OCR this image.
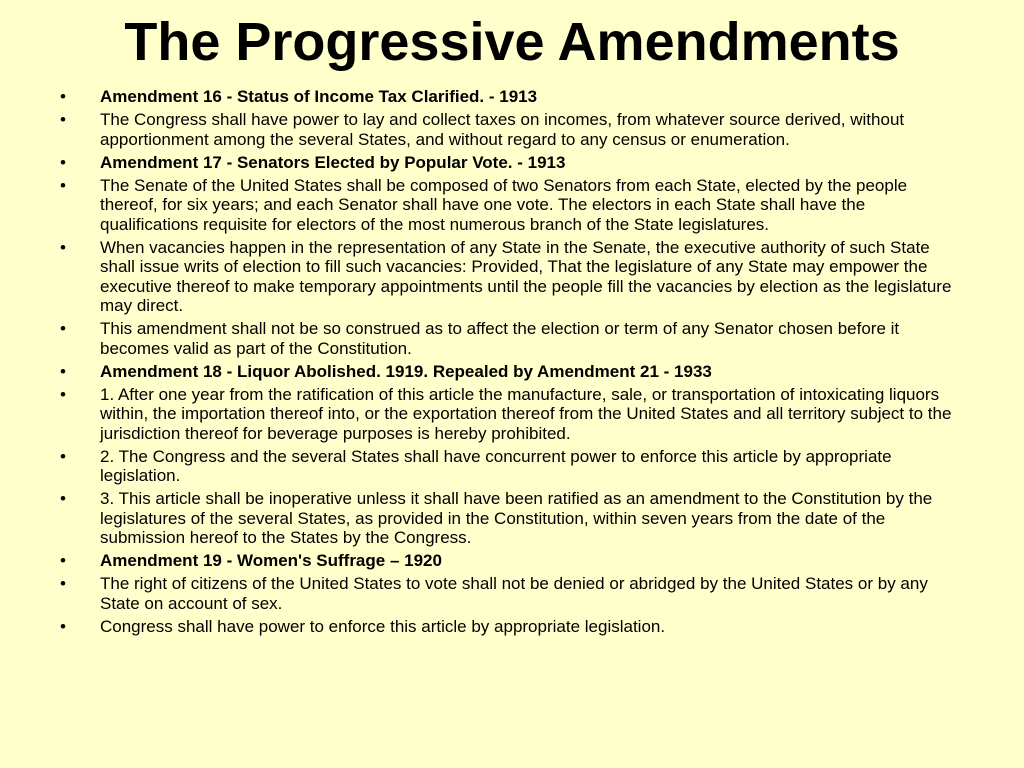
The Progressive Amendments
• Amendment 16 - Status of Income Tax Clarified. - 1913
• The Congress shall have power to lay and collect taxes on incomes, from whatever source derived, without apportionment among the several States, and without regard to any census or enumeration.
• Amendment 17 - Senators Elected by Popular Vote. - 1913
• The Senate of the United States shall be composed of two Senators from each State, elected by the people thereof, for six years; and each Senator shall have one vote. The electors in each State shall have the qualifications requisite for electors of the most numerous branch of the State legislatures.
• When vacancies happen in the representation of any State in the Senate, the executive authority of such State shall issue writs of election to fill such vacancies: Provided, That the legislature of any State may empower the executive thereof to make temporary appointments until the people fill the vacancies by election as the legislature may direct.
• This amendment shall not be so construed as to affect the election or term of any Senator chosen before it becomes valid as part of the Constitution.
• Amendment 18 - Liquor Abolished. 1919. Repealed by Amendment 21 - 1933
• 1. After one year from the ratification of this article the manufacture, sale, or transportation of intoxicating liquors within, the importation thereof into, or the exportation thereof from the United States and all territory subject to the jurisdiction thereof for beverage purposes is hereby prohibited.
• 2. The Congress and the several States shall have concurrent power to enforce this article by appropriate legislation.
• 3. This article shall be inoperative unless it shall have been ratified as an amendment to the Constitution by the legislatures of the several States, as provided in the Constitution, within seven years from the date of the submission hereof to the States by the Congress.
• Amendment 19 - Women's Suffrage – 1920
• The right of citizens of the United States to vote shall not be denied or abridged by the United States or by any State on account of sex.
• Congress shall have power to enforce this article by appropriate legislation.
